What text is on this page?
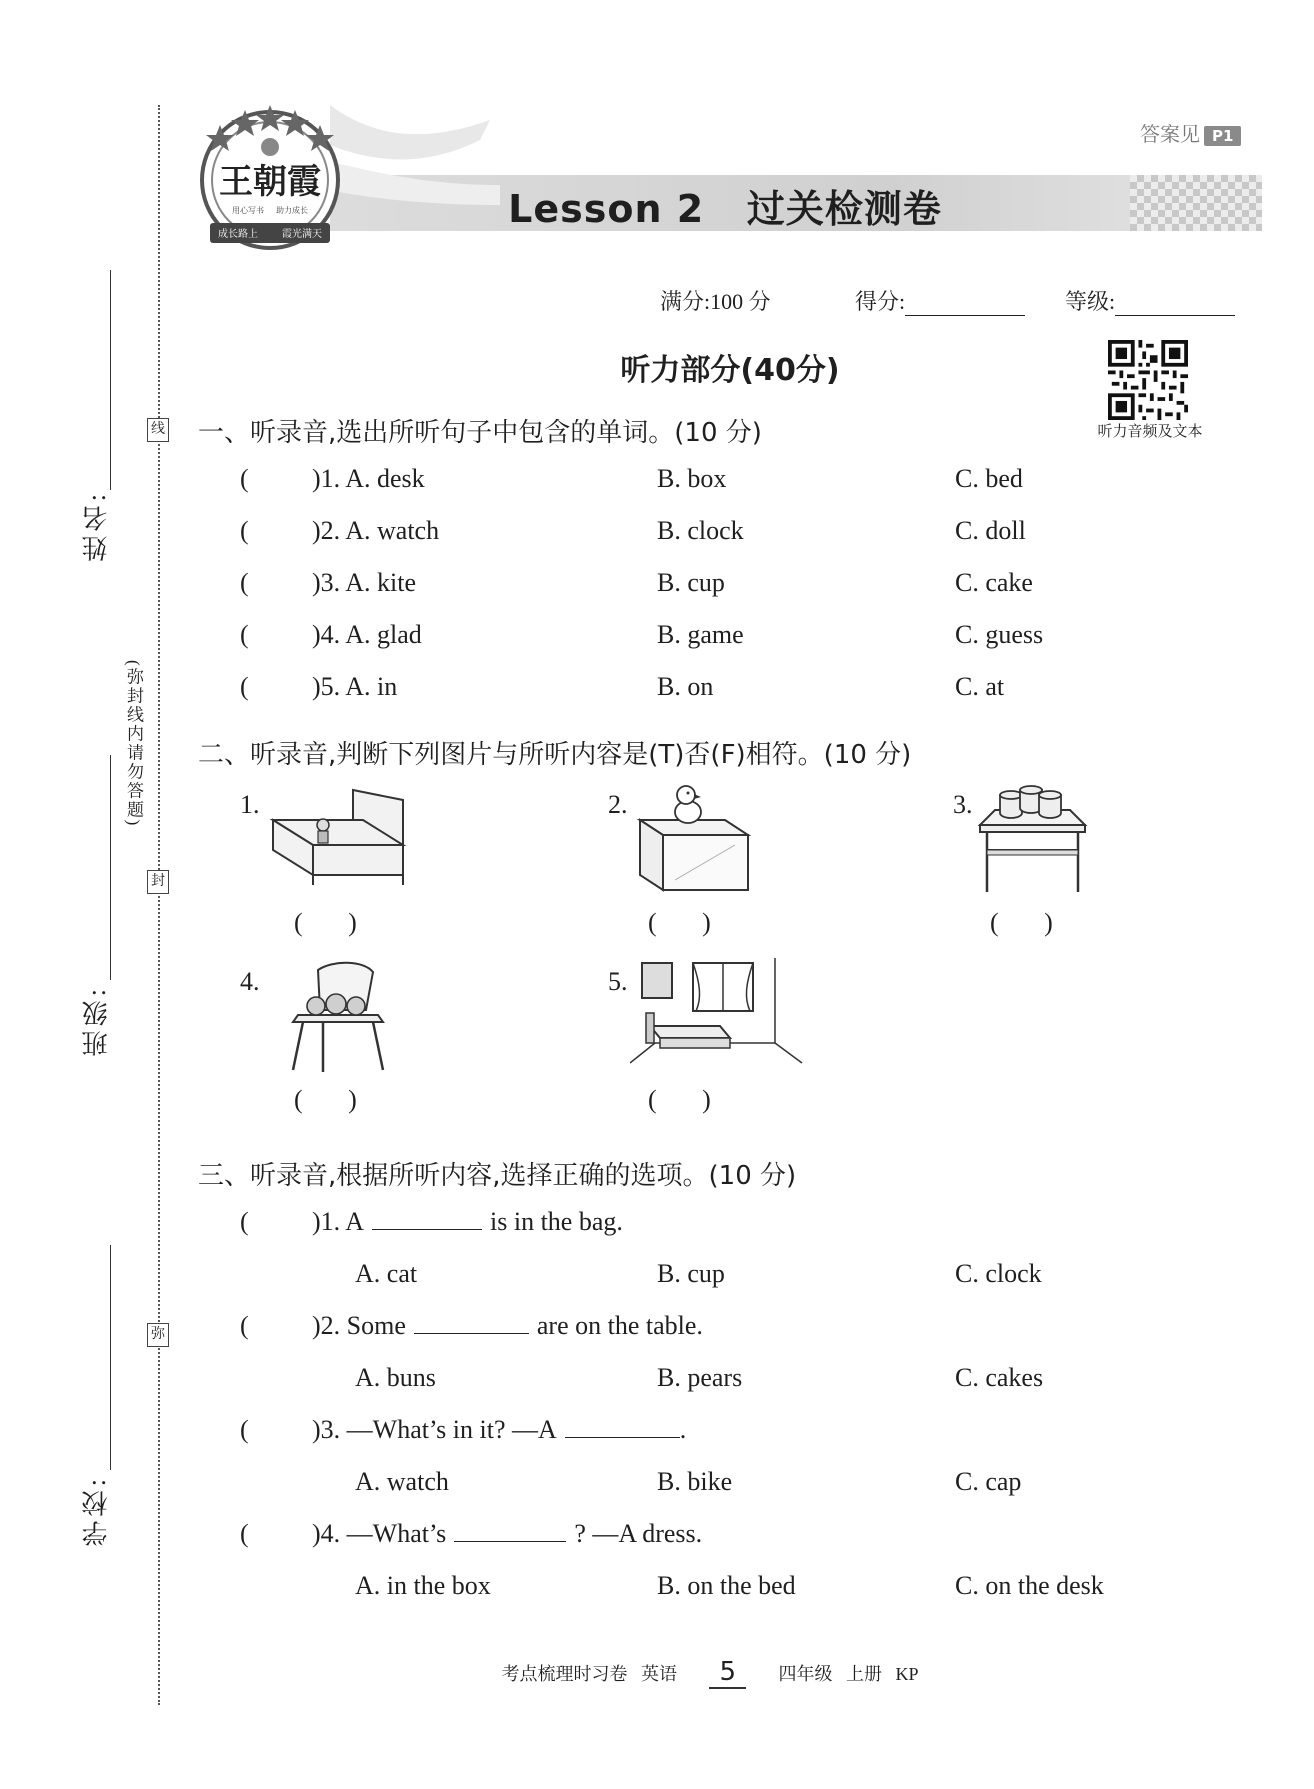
线
封
弥
(弥封线内请勿答题)
姓名:
班级:
学校:
王朝霞
用心写书 助力成长
成长路上 霞光满天
Lesson 2   过关检测卷
答案见 P1
满分:100 分	得分:	等级:
听力音频及文本
听力部分(40分)
一、听录音,选出所听句子中包含的单词。(10 分)
( )1. A. desk	B. box	C. bed
( )2. A. watch	B. clock	C. doll
( )3. A. kite	B. cup	C. cake
( )4. A. glad	B. game	C. guess
( )5. A. in	B. on	C. at
二、听录音,判断下列图片与所听内容是(T)否(F)相符。(10 分)
1.
(       )
2.
(       )
3.
(       )
4.
(       )
5.
(       )
三、听录音,根据所听内容,选择正确的选项。(10 分)
( )1. A	is in the bag.
A. cat	B. cup	C. clock
( )2. Some	are on the table.
A. buns	B. pears	C. cakes
( )3. —What’s in it? —A	.
A. watch	B. bike	C. cap
( )4. —What’s	? —A dress.
A. in the box	B. on the bed	C. on the desk
考点梳理时习卷   英语 5 四年级   上册   KP
